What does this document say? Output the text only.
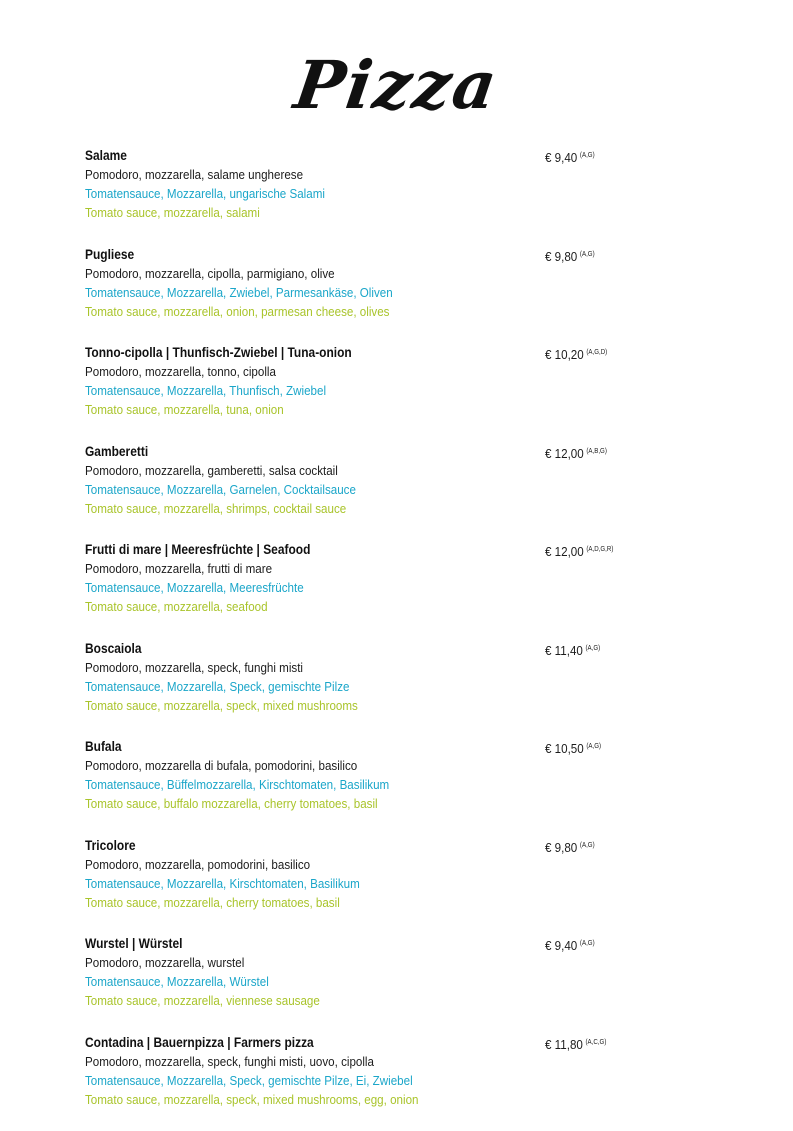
Pizza
Salame
Pomodoro, mozzarella, salame ungherese
Tomatensauce, Mozzarella, ungarische Salami
Tomato sauce, mozzarella, salami
€ 9,40 $^{(A,G)}$
Pugliese
Pomodoro, mozzarella, cipolla, parmigiano, olive
Tomatensauce, Mozzarella, Zwiebel, Parmesankäse, Oliven
Tomato sauce, mozzarella, onion, parmesan cheese, olives
€ 9,80 $^{(A,G)}$
Tonno-cipolla | Thunfisch-Zwiebel | Tuna-onion
Pomodoro, mozzarella, tonno, cipolla
Tomatensauce, Mozzarella, Thunfisch, Zwiebel
Tomato sauce, mozzarella, tuna, onion
€ 10,20 $^{(A,G,D)}$
Gamberetti
Pomodoro, mozzarella, gamberetti, salsa cocktail
Tomatensauce, Mozzarella, Garnelen, Cocktailsauce
Tomato sauce, mozzarella, shrimps, cocktail sauce
€ 12,00 $^{(A,B,G)}$
Frutti di mare | Meeresfrüchte | Seafood
Pomodoro, mozzarella, frutti di mare
Tomatensauce, Mozzarella, Meeresfrüchte
Tomato sauce, mozzarella, seafood
€ 12,00 $^{(A,D,G,R)}$
Boscaiola
Pomodoro, mozzarella, speck, funghi misti
Tomatensauce, Mozzarella, Speck, gemischte Pilze
Tomato sauce, mozzarella, speck, mixed mushrooms
€ 11,40 $^{(A,G)}$
Bufala
Pomodoro, mozzarella di bufala, pomodorini, basilico
Tomatensauce, Büffelmozzarella, Kirschtomaten, Basilikum
Tomato sauce, buffalo mozzarella, cherry tomatoes, basil
€ 10,50 $^{(A,G)}$
Tricolore
Pomodoro, mozzarella, pomodorini, basilico
Tomatensauce, Mozzarella, Kirschtomaten, Basilikum
Tomato sauce, mozzarella, cherry tomatoes, basil
€ 9,80 $^{(A,G)}$
Wurstel | Würstel
Pomodoro, mozzarella, wurstel
Tomatensauce, Mozzarella, Würstel
Tomato sauce, mozzarella, viennese sausage
€ 9,40 $^{(A,G)}$
Contadina | Bauernpizza | Farmers pizza
Pomodoro, mozzarella, speck, funghi misti, uovo, cipolla
Tomatensauce, Mozzarella, Speck, gemischte Pilze, Ei, Zwiebel
Tomato sauce, mozzarella, speck, mixed mushrooms, egg, onion
€ 11,80 $^{(A,C,G)}$
